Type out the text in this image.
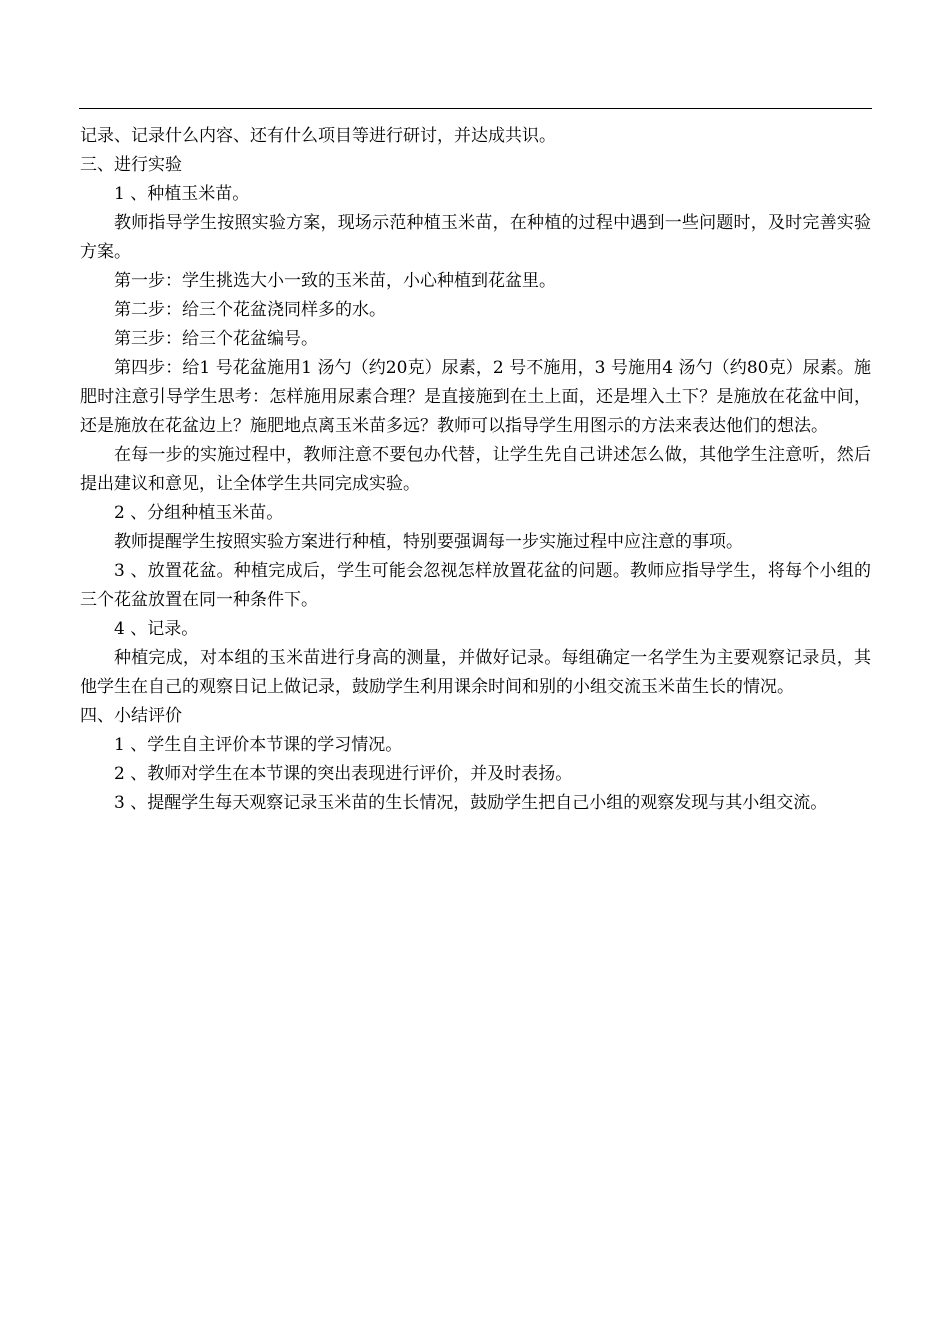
记录、记录什么内容、还有什么项目等进行研讨，并达成共识。

三、进行实验

1 、种植玉米苗。

教师指导学生按照实验方案，现场示范种植玉米苗，在种植的过程中遇到一些问题时，及时完善实验方案。

第一步：学生挑选大小一致的玉米苗，小心种植到花盆里。

第二步：给三个花盆浇同样多的水。

第三步：给三个花盆编号。

第四步：给1 号花盆施用1 汤勺（约20克）尿素，2 号不施用，3 号施用4 汤勺（约80克）尿素。施肥时注意引导学生思考：怎样施用尿素合理？是直接施到在土上面，还是埋入土下？是施放在花盆中间，还是施放在花盆边上？施肥地点离玉米苗多远？教师可以指导学生用图示的方法来表达他们的想法。

在每一步的实施过程中，教师注意不要包办代替，让学生先自己讲述怎么做，其他学生注意听，然后提出建议和意见，让全体学生共同完成实验。

2 、分组种植玉米苗。

教师提醒学生按照实验方案进行种植，特别要强调每一步实施过程中应注意的事项。

3 、放置花盆。种植完成后，学生可能会忽视怎样放置花盆的问题。教师应指导学生，将每个小组的三个花盆放置在同一种条件下。

4 、记录。

种植完成，对本组的玉米苗进行身高的测量，并做好记录。每组确定一名学生为主要观察记录员，其他学生在自己的观察日记上做记录，鼓励学生利用课余时间和别的小组交流玉米苗生长的情况。

四、小结评价

1 、学生自主评价本节课的学习情况。

2 、教师对学生在本节课的突出表现进行评价，并及时表扬。

3 、提醒学生每天观察记录玉米苗的生长情况，鼓励学生把自己小组的观察发现与其小组交流。
